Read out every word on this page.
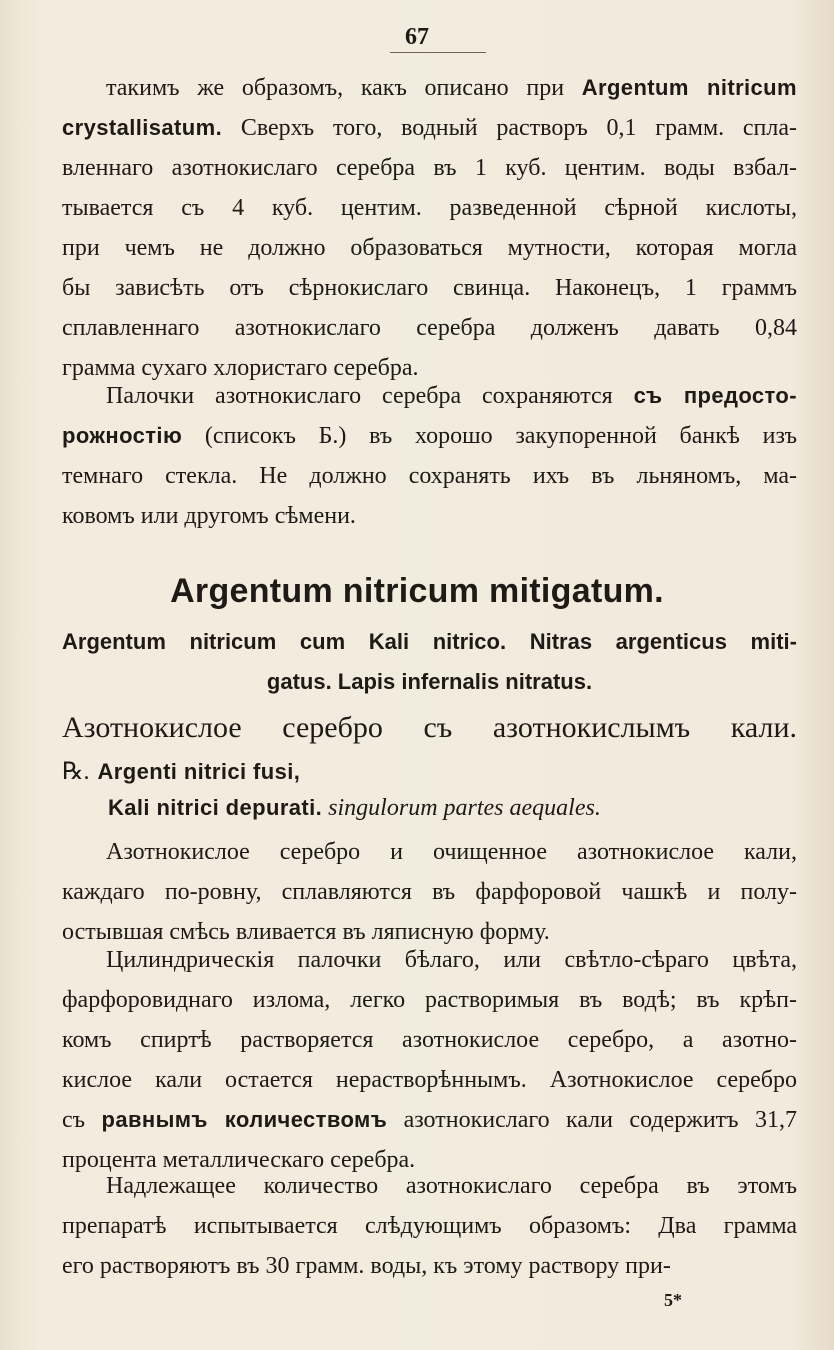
67
такимъ же образомъ, какъ описано при Argentum nitricum
crystallisatum. Сверхъ того, водный растворъ 0,1 грамм. спла-
вленнаго азотнокислаго серебра въ 1 куб. центим. воды взбал-
тывается съ 4 куб. центим. разведенной сѣрной кислоты,
при чемъ не должно образоваться мутности, которая могла
бы зависѣть отъ сѣрнокислаго свинца. Наконецъ, 1 граммъ
сплавленнаго азотнокислаго серебра долженъ давать 0,84
грамма сухаго хлористаго серебра.
Палочки азотнокислаго серебра сохраняются съ предосто-
рожностію (списокъ Б.) въ хорошо закупоренной банкѣ изъ
темнаго стекла. Не должно сохранять ихъ въ льняномъ, ма-
ковомъ или другомъ сѣмени.
Argentum nitricum mitigatum.
Argentum nitricum cum Kali nitrico. Nitras argenticus miti-
gatus. Lapis infernalis nitratus.
Азотнокислое серебро съ азотнокислымъ кали.
℞. Argenti nitrici fusi,
Kali nitrici depurati. singulorum partes aequales.
Азотнокислое серебро и очищенное азотнокислое кали,
каждаго по-ровну, сплавляются въ фарфоровой чашкѣ и полу-
остывшая смѣсь вливается въ ляписную форму.
Цилиндрическія палочки бѣлаго, или свѣтло-сѣраго цвѣта,
фарфоровиднаго излома, легко растворимыя въ водѣ; въ крѣп-
комъ спиртѣ растворяется азотнокислое серебро, а азотно-
кислое кали остается нерастворѣннымъ. Азотнокислое серебро
съ равнымъ количествомъ азотнокислаго кали содержитъ 31,7
процента металлическаго серебра.
Надлежащее количество азотнокислаго серебра въ этомъ
препаратѣ испытывается слѣдующимъ образомъ: Два грамма
его растворяютъ въ 30 грамм. воды, къ этому раствору при-
5*
